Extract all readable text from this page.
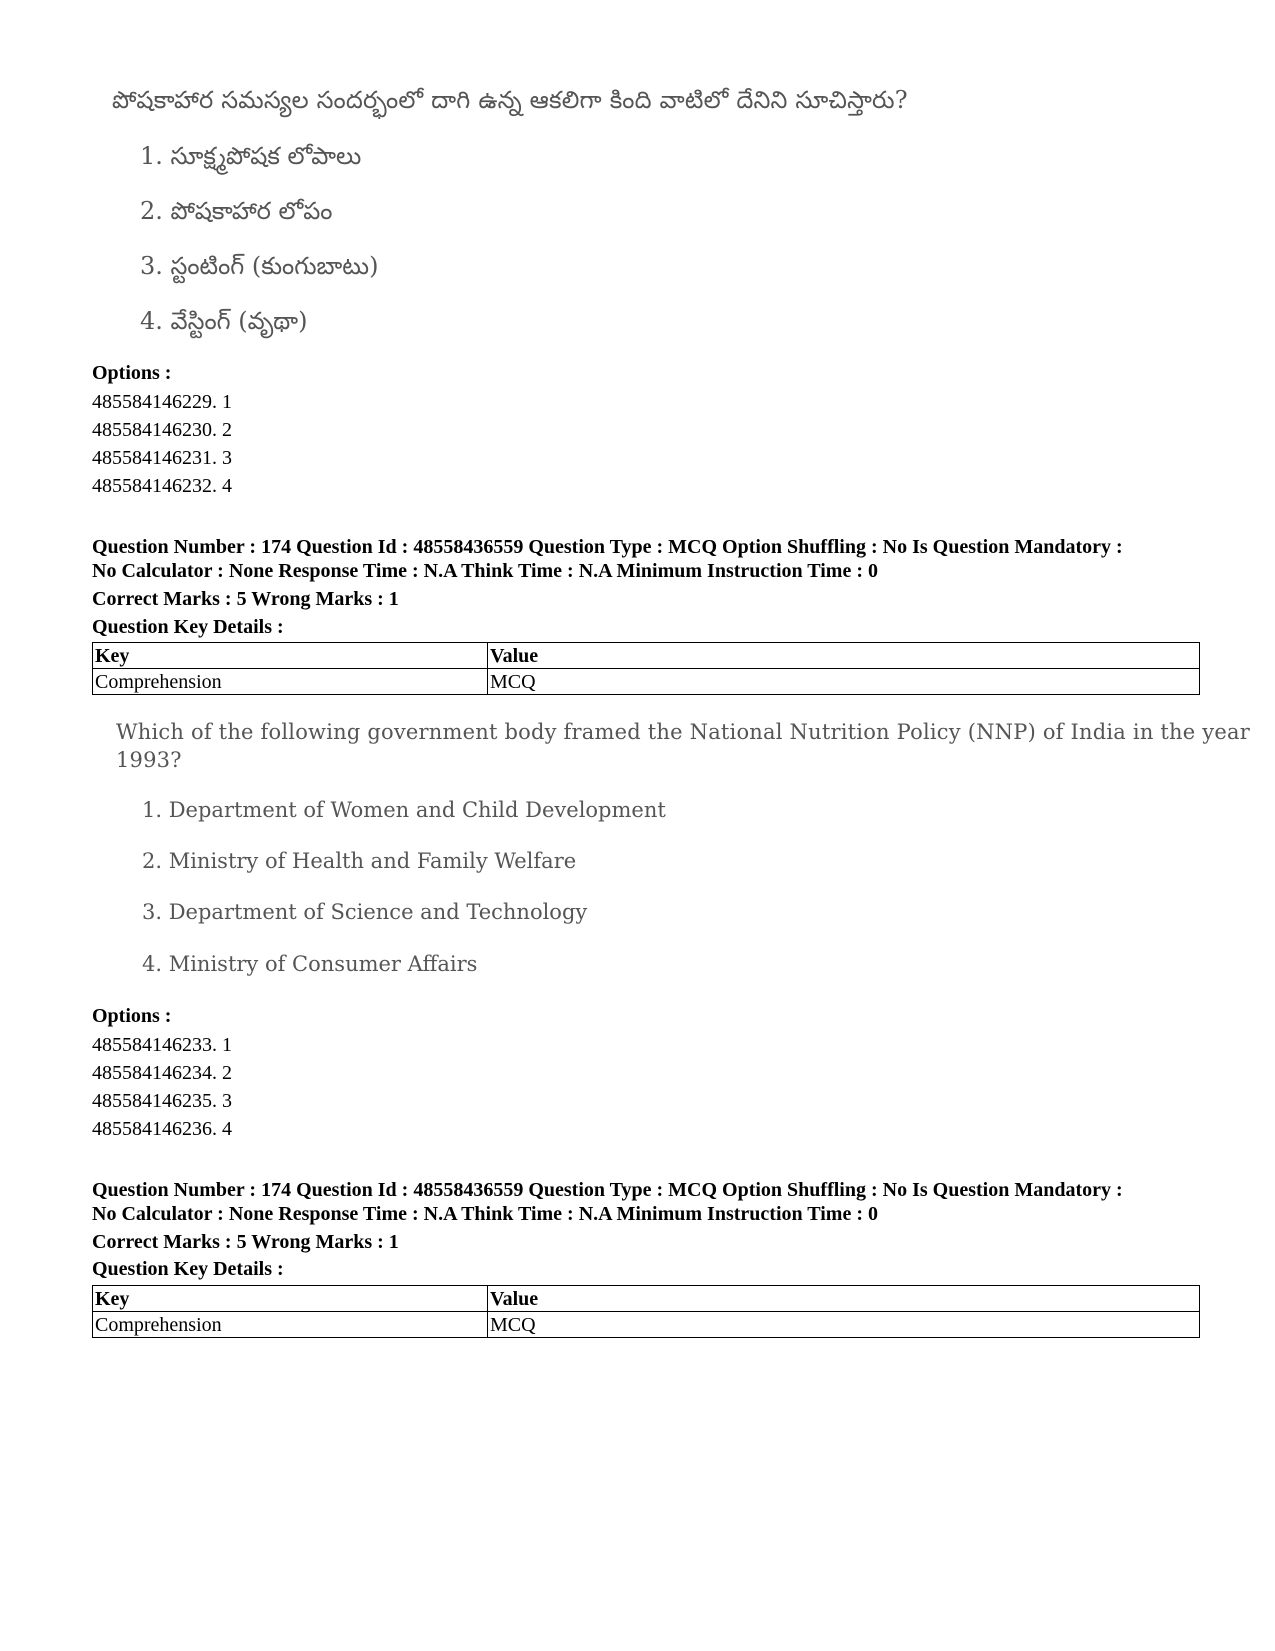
పోషకాహార సమస్యల సందర్భంలో దాగి ఉన్న ఆకలిగా కింది వాటిలో దేనిని సూచిస్తారు?
1. సూక్ష్మపోషక లోపాలు
2. పోషకాహార లోపం
3. స్టంటింగ్ (కుంగుబాటు)
4. వేస్టింగ్ (వృథా)
Options :
485584146229. 1
485584146230. 2
485584146231. 3
485584146232. 4
Question Number : 174 Question Id : 48558436559 Question Type : MCQ Option Shuffling : No Is Question Mandatory :
No Calculator : None Response Time : N.A Think Time : N.A Minimum Instruction Time : 0
Correct Marks : 5 Wrong Marks : 1
Question Key Details :
Key	Value
Comprehension	MCQ
Which of the following government body framed the National Nutrition Policy (NNP) of India in the year
1993?
1. Department of Women and Child Development
2. Ministry of Health and Family Welfare
3. Department of Science and Technology
4. Ministry of Consumer Affairs
Options :
485584146233. 1
485584146234. 2
485584146235. 3
485584146236. 4
Question Number : 174 Question Id : 48558436559 Question Type : MCQ Option Shuffling : No Is Question Mandatory :
No Calculator : None Response Time : N.A Think Time : N.A Minimum Instruction Time : 0
Correct Marks : 5 Wrong Marks : 1
Question Key Details :
Key	Value
Comprehension	MCQ
